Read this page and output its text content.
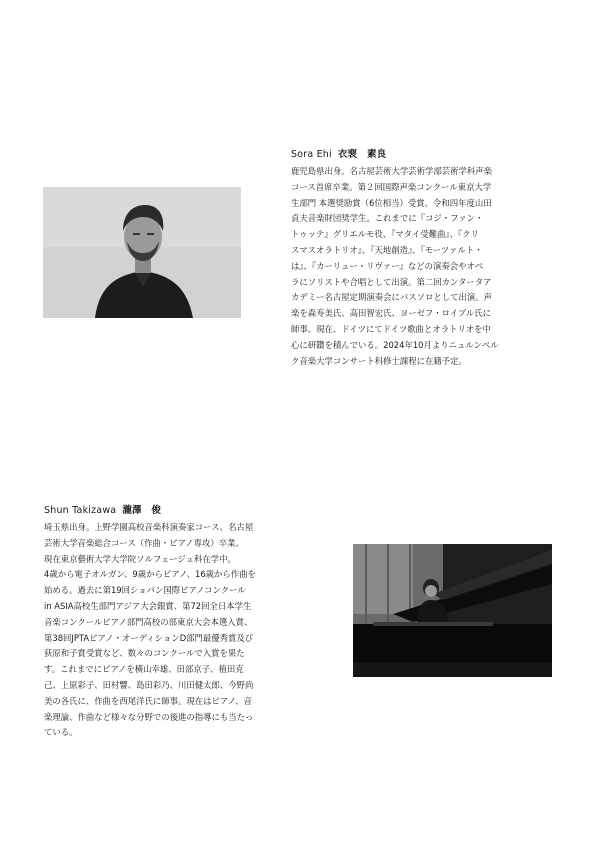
Sora Ehi 衣裵　素良
鹿児島県出身。名古屋芸術大学芸術学部芸術学科声楽
コース首席卒業。第２回国際声楽コンクール東京大学
生部門 本選奨励賞（6位相当）受賞。令和四年度山田
貞夫音楽財団奨学生。これまでに『コジ・ファン・
トゥッテ』グリエルモ役、『マタイ受難曲』、『クリ
スマスオラトリオ』、『天地創造』、『モーツァルト・
は』、『カーリュー・リヴァー』などの演奏会やオペ
ラにソリストや合唱として出演。第二回カンタータア
カデミー名古屋定期演奏会にバスソロとして出演。声
楽を森寿美氏、高田智宏氏、ヨーゼフ・ロイブル氏に
師事。現在、ドイツにてドイツ歌曲とオラトリオを中
心に研鑽を積んでいる。2024年10月よりニュルンベル
ク音楽大学コンサート科修士課程に在籍予定。
Shun Takizawa 瀧澤　俊
埼玉県出身。上野学園高校音楽科演奏家コース、名古屋
芸術大学音楽総合コース（作曲・ピアノ専攻）卒業。
現在東京藝術大学大学院ソルフェージュ科在学中。
4歳から電子オルガン、9歳からピアノ、16歳から作曲を
始める。過去に第19回ショパン国際ピアノコンクール
in ASIA高校生部門アジア大会銀賞、第72回全日本学生
音楽コンクールピアノ部門高校の部東京大会本選入賞、
第38回JPTAピアノ・オーディションD部門最優秀賞及び
荻原和子賞受賞など、数々のコンクールで入賞を果た
す。これまでにピアノを横山幸雄、田部京子、植田克
己、上原彩子、田村響、島田彩乃、川田健太郎、今野尚
美の各氏に、作曲を西尾洋氏に師事。現在はピアノ、音
楽理論、作曲など様々な分野での後進の指導にも当たっ
ている。
